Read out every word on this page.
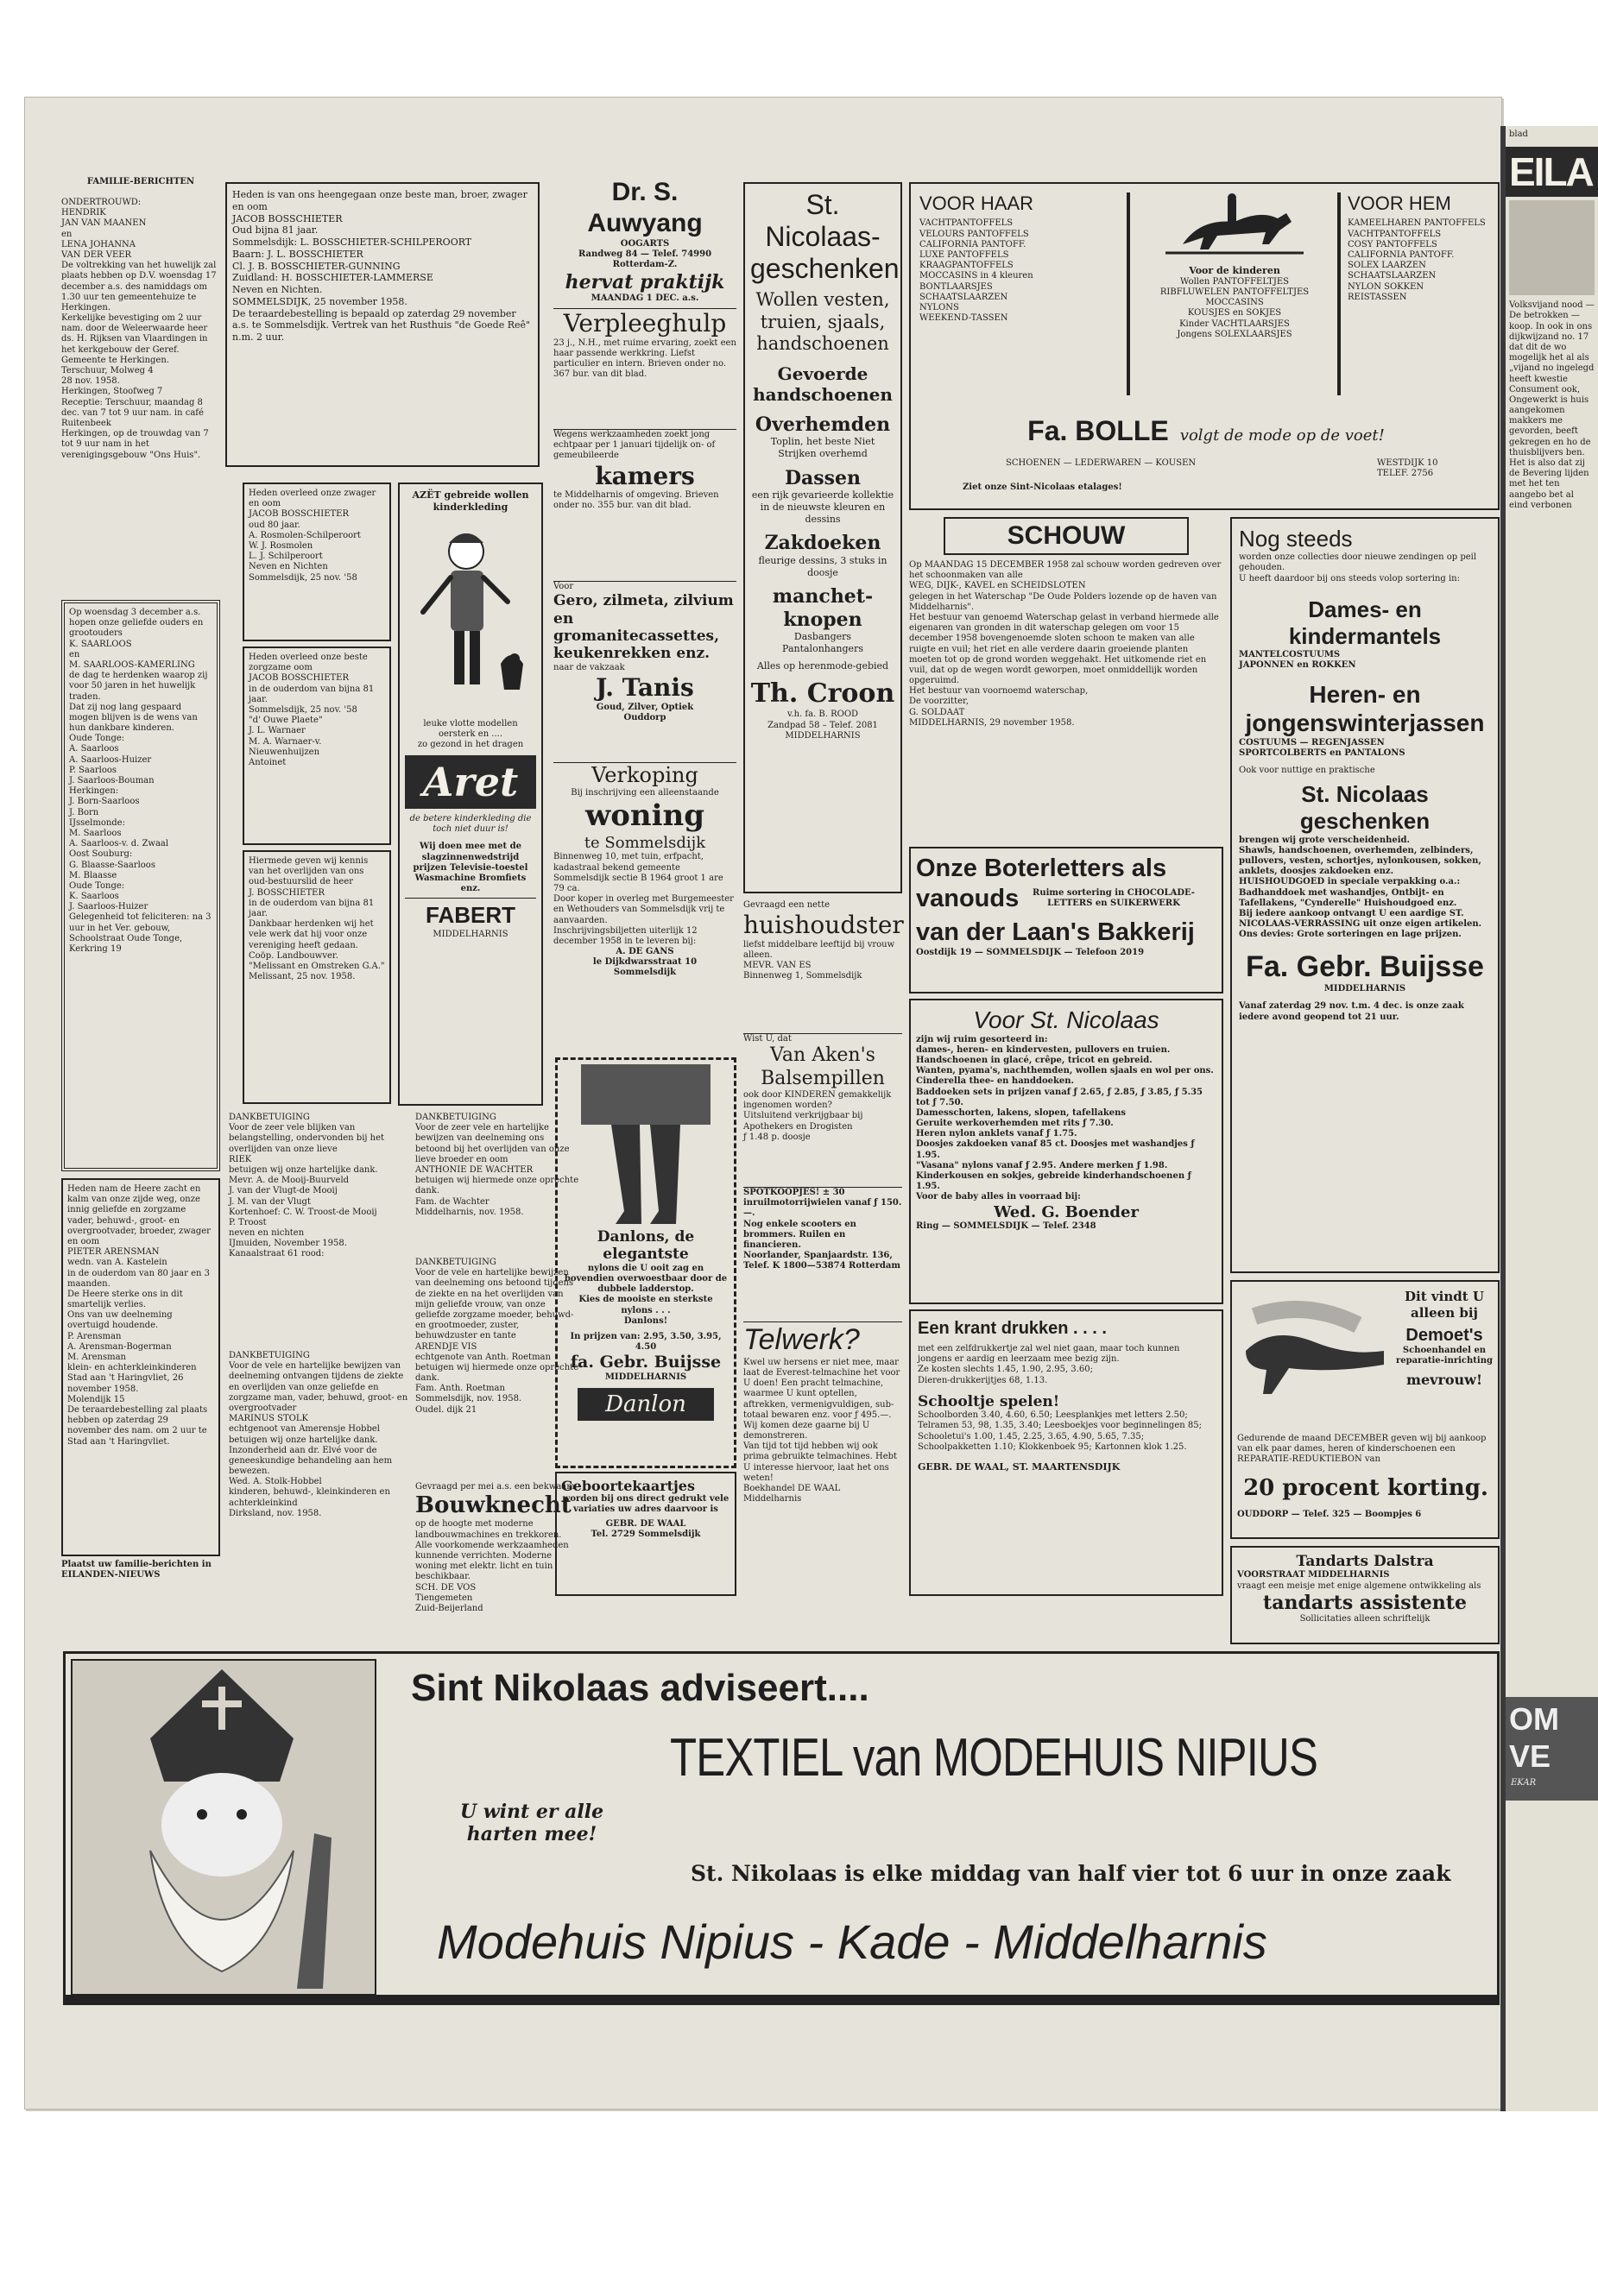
FAMILIE-BERICHTEN

ONDERTROUWD:
HENDRIK
JAN VAN MAANEN
en
LENA JOHANNA
VAN DER VEER
De voltrekking van het huwelijk zal plaats hebben op D.V. woensdag 17 december a.s. des namiddags om 1.30 uur ten gemeentehuize te Herkingen.
Kerkelijke bevestiging om 2 uur nam. door de Weleerwaarde heer ds. H. Rijksen van Vlaardingen in het kerkgebouw der Geref. Gemeente te Herkingen.
Terschuur, Molweg 4
28 nov. 1958.
Herkingen, Stoofweg 7
Receptie: Terschuur, maandag 8 dec. van 7 tot 9 uur nam. in café Ruitenbeek
Herkingen, op de trouwdag van 7 tot 9 uur nam in het verenigingsgebouw "Ons Huis".

Op woensdag 3 december a.s. hopen onze geliefde ouders en grootouders
K. SAARLOOS
en
M. SAARLOOS-KAMERLING
de dag te herdenken waarop zij voor 50 jaren in het huwelijk traden.
Dat zij nog lang gespaard mogen blijven is de wens van hun dankbare kinderen.
Oude Tonge:
A. Saarloos
A. Saarloos-Huizer
P. Saarloos
J. Saarloos-Bouman
Herkingen:
J. Born-Saarloos
J. Born
IJsselmonde:
M. Saarloos
A. Saarloos-v. d. Zwaal
Oost Souburg:
G. Blaasse-Saarloos
M. Blaasse
Oude Tonge:
K. Saarloos
J. Saarloos-Huizer
Gelegenheid tot feliciteren: na 3 uur in het Ver. gebouw, Schoolstraat Oude Tonge, Kerkring 19

Heden nam de Heere zacht en kalm van onze zijde weg, onze innig geliefde en zorgzame vader, behuwd-, groot- en overgrootvader, broeder, zwager en oom
PIETER ARENSMAN
wedn. van A. Kastelein
in de ouderdom van 80 jaar en 3 maanden.
De Heere sterke ons in dit smartelijk verlies.
Ons van uw deelneming overtuigd houdende.
P. Arensman
A. Arensman-Bogerman
M. Arensman
klein- en achterkleinkinderen
Stad aan 't Haringvliet, 26 november 1958.
Molendijk 15
De teraardebestelling zal plaats hebben op zaterdag 29 november des nam. om 2 uur te Stad aan 't Haringvliet.

Plaatst uw familie-berichten in EILANDEN-NIEUWS

Heden is van ons heengegaan onze beste man, broer, zwager en oom
JACOB BOSSCHIETER
Oud bijna 81 jaar.
Sommelsdijk: L. BOSSCHIETER-SCHILPEROORT
Baarn: J. L. BOSSCHIETER
Cl. J. B. BOSSCHIETER-GUNNING
Zuidland: H. BOSSCHIETER-LAMMERSE
Neven en Nichten.
SOMMELSDIJK, 25 november 1958.
De teraardebestelling is bepaald op zaterdag 29 november a.s. te Sommelsdijk. Vertrek van het Rusthuis "de Goede Reê" n.m. 2 uur.

Heden overleed onze zwager en oom
JACOB BOSSCHIETER
oud 80 jaar.
A. Rosmolen-Schilperoort
W. J. Rosmolen
L. J. Schilperoort
Neven en Nichten
Sommelsdijk, 25 nov. '58

Heden overleed onze beste zorgzame oom
JACOB BOSSCHIETER
in de ouderdom van bijna 81 jaar.
Sommelsdijk, 25 nov. '58
"d' Ouwe Plaete"
J. L. Warnaer
M. A. Warnaer-v. Nieuwenhuijzen
Antoinet

Hiermede geven wij kennis van het overlijden van ons oud-bestuurslid de heer
J. BOSSCHIETER
in de ouderdom van bijna 81 jaar.
Dankbaar herdenken wij het vele werk dat hij voor onze vereniging heeft gedaan.
Coöp. Landbouwver. "Melissant en Omstreken G.A."
Melissant, 25 nov. 1958.

DANKBETUIGING
Voor de zeer vele blijken van belangstelling, ondervonden bij het overlijden van onze lieve
RIEK
betuigen wij onze hartelijke dank.
Mevr. A. de Mooij-Buurveld
J. van der Vlugt-de Mooij
J. M. van der Vlugt
Kortenhoef: C. W. Troost-de Mooij
P. Troost
neven en nichten
IJmuiden, November 1958.
Kanaalstraat 61 rood:

DANKBETUIGING
Voor de vele en hartelijke bewijzen van deelneming ontvangen tijdens de ziekte en overlijden van onze geliefde en zorgzame man, vader, behuwd, groot- en overgrootvader
MARINUS STOLK
echtgenoot van Amerensje Hobbel
betuigen wij onze hartelijke dank.
Inzonderheid aan dr. Elvé voor de geneeskundige behandeling aan hem bewezen.
Wed. A. Stolk-Hobbel
kinderen, behuwd-, kleinkinderen en achterkleinkind
Dirksland, nov. 1958.

AZËT gebreide wollen kinderkleding

leuke vlotte modellen oersterk en ....
zo gezond in het dragen

Aret

de betere kinderkleding die toch niet duur is!

Wij doen mee met de slagzinnenwedstrijd
prijzen Televisie-toestel Wasmachine Bromfiets enz.

FABERT

MIDDELHARNIS

DANKBETUIGING
Voor de zeer vele en hartelijke bewijzen van deelneming ons betoond bij het overlijden van onze lieve broeder en oom
ANTHONIE DE WACHTER
betuigen wij hiermede onze oprechte dank.
Fam. de Wachter
Middelharnis, nov. 1958.

DANKBETUIGING
Voor de vele en hartelijke bewijzen van deelneming ons betoond tijdens de ziekte en na het overlijden van mijn geliefde vrouw, van onze geliefde zorgzame moeder, behuwd- en grootmoeder, zuster, behuwdzuster en tante
ARENDJE VIS
echtgenote van Anth. Roetman
betuigen wij hiermede onze oprechte dank.
Fam. Anth. Roetman
Sommelsdijk, nov. 1958.
Oudel. dijk 21

Gevraagd per mei a.s. een bekwaam

Bouwknecht

op de hoogte met moderne landbouwmachines en trekkoren. Alle voorkomende werkzaamheden kunnende verrichten. Moderne woning met elektr. licht en tuin beschikbaar.
SCH. DE VOS
Tiengemeten
Zuid-Beijerland

Dr. S. Auwyang

OOGARTS

Randweg 84 — Telef. 74990
Rotterdam-Z.

hervat praktijk

MAANDAG 1 DEC. a.s.

Verpleeghulp

23 j., N.H., met ruime ervaring, zoekt een haar passende werkkring. Liefst particulier en intern. Brieven onder no. 367 bur. van dit blad.

Wegens werkzaamheden zoekt jong echtpaar per 1 januari tijdelijk on- of gemeubileerde

kamers

te Middelharnis of omgeving. Brieven onder no. 355 bur. van dit blad.

Voor

Gero, zilmeta, zilvium en gromanitecassettes, keukenrekken enz.

naar de vakzaak

J. Tanis

Goud, Zilver, Optiek
Ouddorp

Verkoping

Bij inschrijving een alleenstaande

woning

te Sommelsdijk

Binnenweg 10, met tuin, erfpacht, kadastraal bekend gemeente Sommelsdijk sectie B 1964 groot 1 are 79 ca.
Door koper in overleg met Burgemeester en Wethouders van Sommelsdijk vrij te aanvaarden.
Inschrijvingsbiljetten uiterlijk 12 december 1958 in te leveren bij:

A. DE GANS

le Dijkdwarsstraat 10
Sommelsdijk

Danlons, de elegantste

nylons die U ooit zag en bovendien overwoestbaar door de dubbele ladderstop.
Kies de mooiste en sterkste nylons . . .
Danlons!

In prijzen van: 2.95, 3.50, 3.95, 4.50

fa. Gebr. Buijsse

MIDDELHARNIS

Danlon

Geboortekaartjes

worden bij ons direct gedrukt vele variaties uw adres daarvoor is

GEBR. DE WAAL

Tel. 2729 Sommelsdijk

St. Nicolaas-geschenken

Wollen vesten, truien, sjaals, handschoenen

Gevoerde handschoenen

Overhemden

Toplin, het beste Niet Strijken overhemd

Dassen

een rijk gevarieerde kollektie in de nieuwste kleuren en dessins

Zakdoeken

fleurige dessins, 3 stuks in doosje

manchet-knopen

Dasbangers
Pantalonhangers

Alles op herenmode-gebied

Th. Croon

v.h. fa. B. ROOD
Zandpad 58 – Telef. 2081
MIDDELHARNIS

Gevraagd een nette

huishoudster

liefst middelbare leeftijd bij vrouw alleen.
MEVR. VAN ES
Binnenweg 1, Sommelsdijk

Wist U, dat

Van Aken's Balsempillen

ook door KINDEREN gemakkelijk ingenomen worden?
Uitsluitend verkrijgbaar bij Apothekers en Drogisten
ƒ 1.48 p. doosje

SPOTKOOPJES! ± 30 inruilmotorrijwielen vanaf ƒ 150.—.
Nog enkele scooters en brommers. Ruilen en financieren.
Noorlander, Spanjaardstr. 136, Telef. K 1800—53874 Rotterdam

Telwerk?

Kwel uw hersens er niet mee, maar laat de Everest-telmachine het voor U doen! Een pracht telmachine, waarmee U kunt optellen, aftrekken, vermenigvuldigen, sub-totaal bewaren enz. voor ƒ 495.—.
Wij komen deze gaarne bij U demonstreren.
Van tijd tot tijd hebben wij ook prima gebruikte telmachines. Hebt U interesse hiervoor, laat het ons weten!
Boekhandel DE WAAL
Middelharnis

VOOR HAAR

VACHTPANTOFFELS
VELOURS PANTOFFELS
CALIFORNIA PANTOFF.
LUXE PANTOFFELS
KRAAGPANTOFFELS
MOCCASINS in 4 kleuren
BONTLAARSJES
SCHAATSLAARZEN
NYLONS
WEEKEND-TASSEN

Voor de kinderen

Wollen PANTOFFELTJES
RIBFLUWELEN PANTOFFELTJES
MOCCASINS
KOUSJES en SOKJES
Kinder VACHTLAARSJES
Jongens SOLEXLAARSJES

VOOR HEM

KAMEELHAREN PANTOFFELS
VACHTPANTOFFELS
COSY PANTOFFELS
CALIFORNIA PANTOFF.
SOLEX LAARZEN
SCHAATSLAARZEN
NYLON SOKKEN
REISTASSEN

Fa. BOLLE volgt de mode op de voet!

SCHOENEN — LEDERWAREN — KOUSEN	WESTDIJK 10
TELEF. 2756

Ziet onze Sint-Nicolaas etalages!

SCHOUW

Op MAANDAG 15 DECEMBER 1958 zal schouw worden gedreven over het schoonmaken van alle
WEG, DIJK-, KAVEL en SCHEIDSLOTEN
gelegen in het Waterschap "De Oude Polders lozende op de haven van Middelharnis".
Het bestuur van genoemd Waterschap gelast in verband hiermede alle eigenaren van gronden in dit waterschap gelegen om voor 15 december 1958 bovengenoemde sloten schoon te maken van alle ruigte en vuil; het riet en alle verdere daarin groeiende planten moeten tot op de grond worden weggehakt. Het uitkomende riet en vuil, dat op de wegen wordt geworpen, moet onmiddellijk worden opgeruimd.
Het bestuur van voornoemd waterschap,
De voorzitter,
G. SOLDAAT
MIDDELHARNIS, 29 november 1958.

Onze Boterletters als vanouds	Ruime sortering in CHOCOLADE-LETTERS en SUIKERWERK

van der Laan's Bakkerij

Oostdijk 19 — SOMMELSDIJK — Telefoon 2019

Voor St. Nicolaas

zijn wij ruim gesorteerd in:
dames-, heren- en kindervesten, pullovers en truien.
Handschoenen in glacé, crêpe, tricot en gebreid.
Wanten, pyama's, nachthemden, wollen sjaals en wol per ons.
Cinderella thee- en handdoeken.
Baddoeken sets in prijzen vanaf ƒ 2.65, ƒ 2.85, ƒ 3.85, ƒ 5.35 tot ƒ 7.50.
Damesschorten, lakens, slopen, tafellakens
Geruite werkoverhemden met rits ƒ 7.30.
Heren nylon anklets vanaf ƒ 1.75.
Doosjes zakdoeken vanaf 85 ct. Doosjes met washandjes ƒ 1.95.
"Vasana" nylons vanaf ƒ 2.95. Andere merken ƒ 1.98.
Kinderkousen en sokjes, gebreide kinderhandschoenen ƒ 1.95.
Voor de baby alles in voorraad bij:

Wed. G. Boender

Ring — SOMMELSDIJK — Telef. 2348

Een krant drukken . . . .

met een zelfdrukkertje zal wel niet gaan, maar toch kunnen jongens er aardig en leerzaam mee bezig zijn.
Ze kosten slechts 1.45, 1.90, 2.95, 3.60;
Dieren-drukkerijtjes 68, 1.13.

Schooltje spelen!

Schoolborden 3.40, 4.60, 6.50; Leesplankjes met letters 2.50; Telramen 53, 98, 1.35, 3.40; Leesboekjes voor beginnelingen 85;
Schooletui's 1.00, 1.45, 2.25, 3.65, 4.90, 5.65, 7.35; Schoolpakketten 1.10; Klokkenboek 95; Kartonnen klok 1.25.

GEBR. DE WAAL, ST. MAARTENSDIJK

Nog steeds

worden onze collecties door nieuwe zendingen op peil gehouden.
U heeft daardoor bij ons steeds volop sortering in:

Dames- en kindermantels

MANTELCOSTUUMS
JAPONNEN en ROKKEN

Heren- en jongenswinterjassen

COSTUUMS — REGENJASSEN
SPORTCOLBERTS en PANTALONS

Ook voor nuttige en praktische

St. Nicolaas geschenken

brengen wij grote verscheidenheid.
Shawls, handschoenen, overhemden, zelbinders, pullovers, vesten, schortjes, nylonkousen, sokken, anklets, doosjes zakdoeken enz.
HUISHOUDGOED in speciale verpakking o.a.: Badhanddoek met washandjes, Ontbijt- en Tafellakens, "Cynderelle" Huishoudgoed enz.
Bij iedere aankoop ontvangt U een aardige ST. NICOLAAS-VERRASSING uit onze eigen artikelen.
Ons devies: Grote sorteringen en lage prijzen.

Fa. Gebr. Buijsse

MIDDELHARNIS

Vanaf zaterdag 29 nov. t.m. 4 dec. is onze zaak iedere avond geopend tot 21 uur.

Dit vindt U alleen bij

Demoet's

Schoenhandel en reparatie-inrichting

mevrouw!

Gedurende de maand DECEMBER geven wij bij aankoop van elk paar dames, heren of kinderschoenen een REPARATIE-REDUKTIEBON van

20 procent korting.

OUDDORP — Telef. 325 — Boompjes 6

Tandarts Dalstra

VOORSTRAAT MIDDELHARNIS

vraagt een meisje met enige algemene ontwikkeling als

tandarts assistente

Sollicitaties alleen schriftelijk

Sint Nikolaas adviseert....

TEXTIEL van MODEHUIS NIPIUS

U wint er alle harten mee!

St. Nikolaas is elke middag van half vier tot 6 uur in onze zaak

Modehuis Nipius - Kade - Middelharnis

blad

EILA

Volksvijand nood — De betrokken — koop. In ook in ons dijkwijzand no. 17 dat dit de wo mogelijk het al als „vijand no ingelegd heeft kwestie Consument ook, Ongewerkt is huis aangekomen makkers me gevorden, beeft gekregen en ho de thuisblijvers ben. Het is also dat zij de Bevering lijden met het ten aangebo bet al eind verbonen

OM VE

EKAR
